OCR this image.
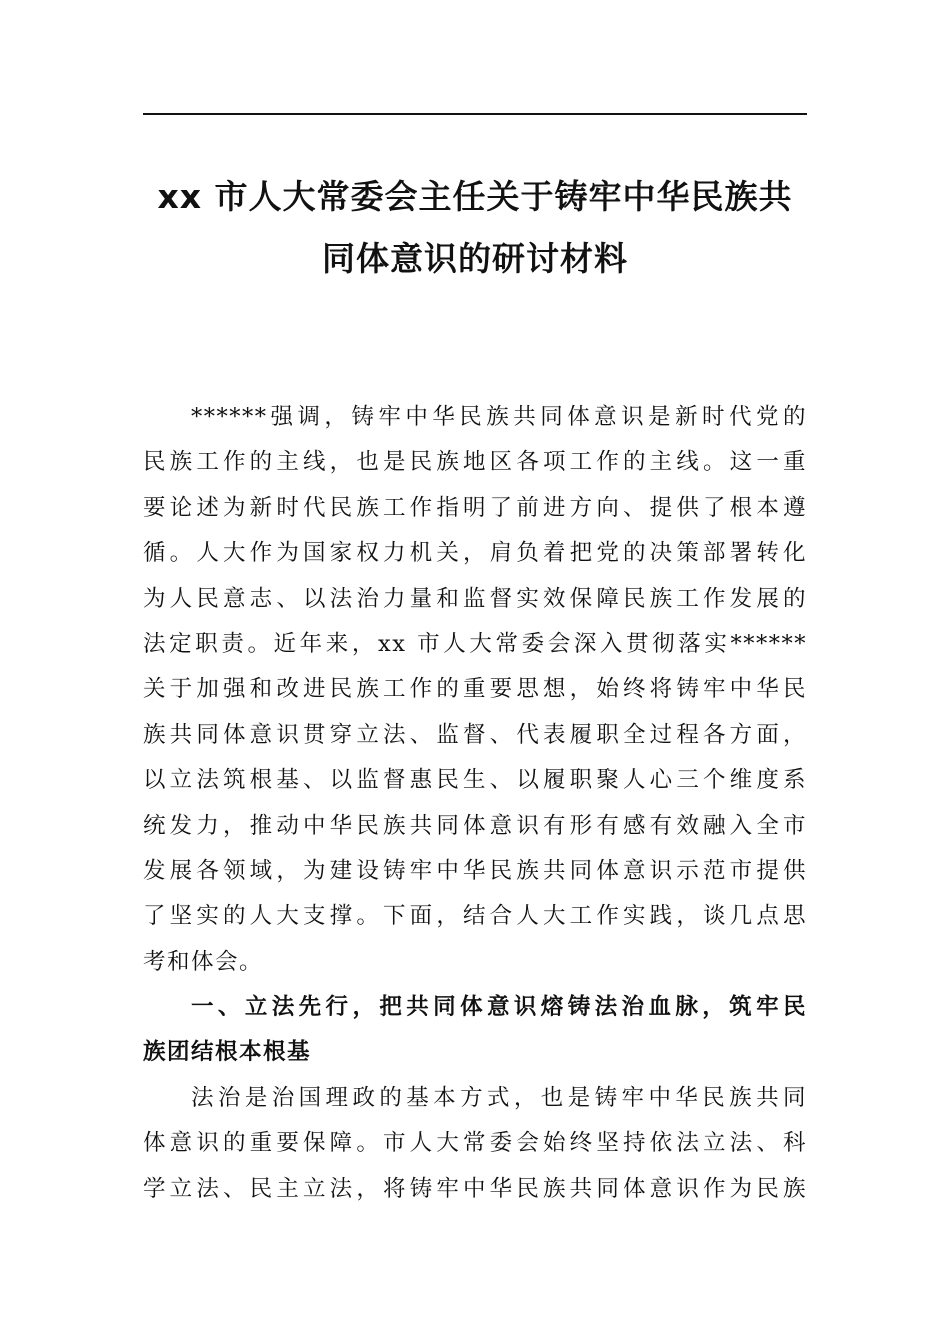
xx 市人大常委会主任关于铸牢中华民族共
同体意识的研讨材料
******强调，铸牢中华民族共同体意识是新时代党的
民族工作的主线，也是民族地区各项工作的主线。这一重
要论述为新时代民族工作指明了前进方向、提供了根本遵
循。人大作为国家权力机关，肩负着把党的决策部署转化
为人民意志、以法治力量和监督实效保障民族工作发展的
法定职责。近年来，xx 市人大常委会深入贯彻落实******
关于加强和改进民族工作的重要思想，始终将铸牢中华民
族共同体意识贯穿立法、监督、代表履职全过程各方面，
以立法筑根基、以监督惠民生、以履职聚人心三个维度系
统发力，推动中华民族共同体意识有形有感有效融入全市
发展各领域，为建设铸牢中华民族共同体意识示范市提供
了坚实的人大支撑。下面，结合人大工作实践，谈几点思
考和体会。
一、立法先行，把共同体意识熔铸法治血脉，筑牢民
族团结根本根基
法治是治国理政的基本方式，也是铸牢中华民族共同
体意识的重要保障。市人大常委会始终坚持依法立法、科
学立法、民主立法，将铸牢中华民族共同体意识作为民族
